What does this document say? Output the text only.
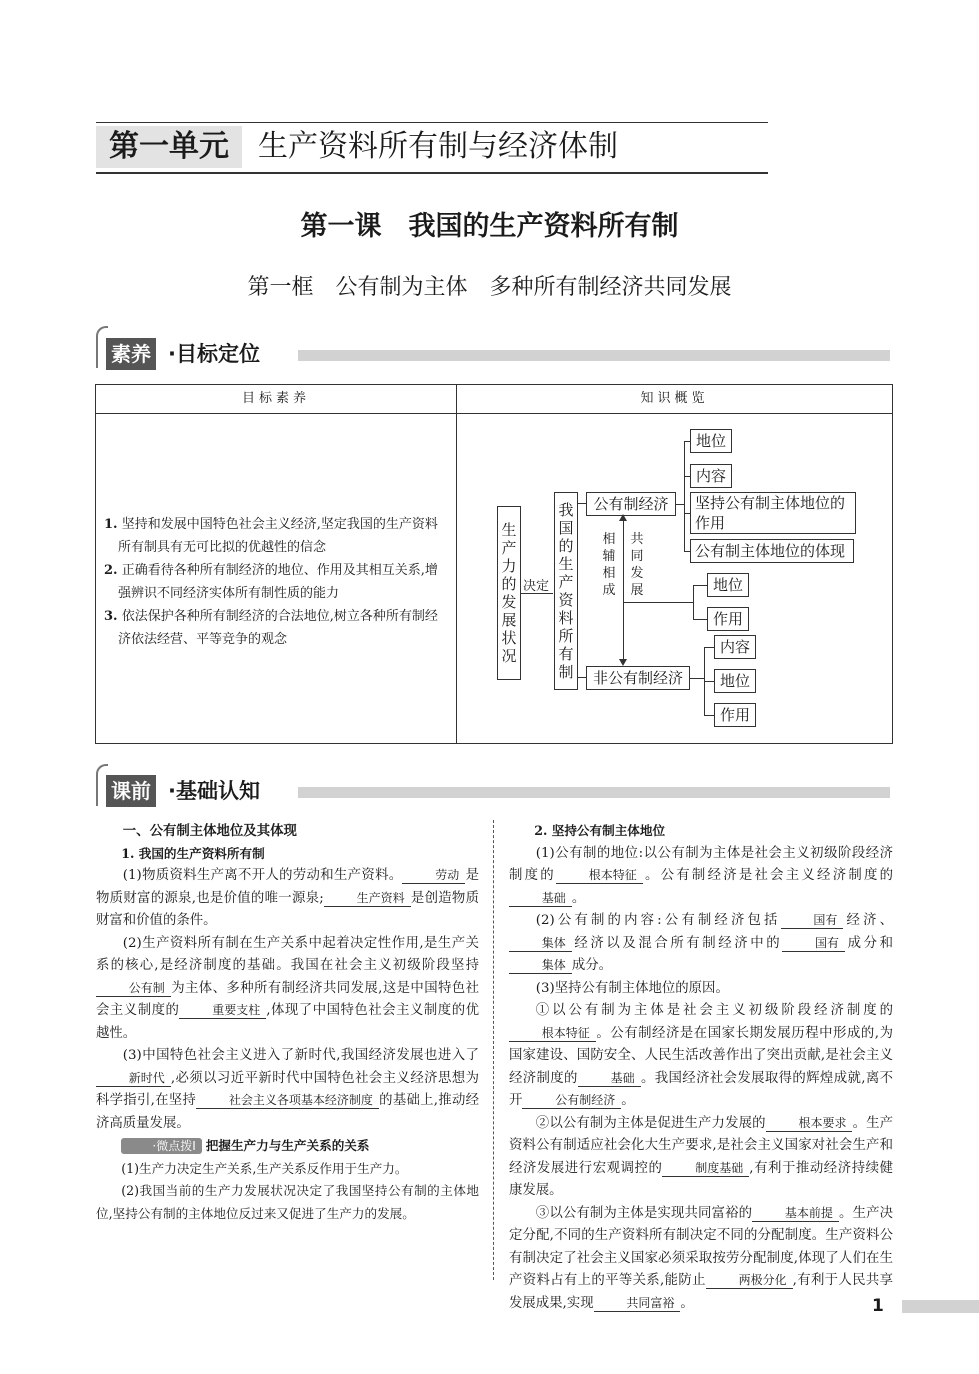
第一单元 生产资料所有制与经济体制
第一课　我国的生产资料所有制
第一框　公有制为主体　多种所有制经济共同发展
素养 ·目标定位
目标素养	知识概览
1. 坚持和发展中国特色社会主义经济,坚定我国的生产资料所有制具有无可比拟的优越性的信念
2. 正确看待各种所有制经济的地位、作用及其相互关系,增强辨识不同经济实体所有制性质的能力
3. 依法保护各种所有制经济的合法地位,树立各种所有制经济依法经营、平等竞争的观念
生产力的发展状况
决定
我国的生产资料所有制
公有制经济
非公有制经济
相辅相成
共同发展
地位
内容
坚持公有制主体地位的作用
公有制主体地位的体现
地位
作用
内容
地位
作用
课前 ·基础认知

一、公有制主体地位及其体现

1. 我国的生产资料所有制

(1)物质资料生产离不开人的劳动和生产资料。	劳动 是物质财富的源泉,也是价值的唯一源泉;	生产资料 是创造物质财富和价值的条件。

(2)生产资料所有制在生产关系中起着决定性作用,是生产关系的核心,是经济制度的基础。我国在社会主义初级阶段坚持公有制 为主体、多种所有制经济共同发展,这是中国特色社会主义制度的	重要支柱 ,体现了中国特色社会主义制度的优越性。

(3)中国特色社会主义进入了新时代,我国经济发展也进入了新时代 ,必须以习近平新时代中国特色社会主义经济思想为科学指引,在坚持	社会主义各项基本经济制度 的基础上,推动经济高质量发展。

·微点拨Ⅰ 把握生产力与生产关系的关系

(1)生产力决定生产关系,生产关系反作用于生产力。

(2)我国当前的生产力发展状况决定了我国坚持公有制的主体地位,坚持公有制的主体地位反过来又促进了生产力的发展。

2. 坚持公有制主体地位

(1)公有制的地位:以公有制为主体是社会主义初级阶段经济制度的	根本特征 。公有制经济是社会主义经济制度的基础 。

(2)公有制的内容:公有制经济包括	国有 经济、集体 经济以及混合所有制经济中的	国有 成分和集体 成分。

(3)坚持公有制主体地位的原因。

①以公有制为主体是社会主义初级阶段经济制度的根本特征 。公有制经济是在国家长期发展历程中形成的,为国家建设、国防安全、人民生活改善作出了突出贡献,是社会主义经济制度的	基础 。我国经济社会发展取得的辉煌成就,离不开	公有制经济 。

②以公有制为主体是促进生产力发展的	根本要求 。生产资料公有制适应社会化大生产要求,是社会主义国家对社会生产和经济发展进行宏观调控的	制度基础 ,有利于推动经济持续健康发展。

③以公有制为主体是实现共同富裕的	基本前提 。生产决定分配,不同的生产资料所有制决定不同的分配制度。生产资料公有制决定了社会主义国家必须采取按劳分配制度,体现了人们在生产资料占有上的平等关系,能防止	两极分化 ,有利于人民共享发展成果,实现	共同富裕 。	1
